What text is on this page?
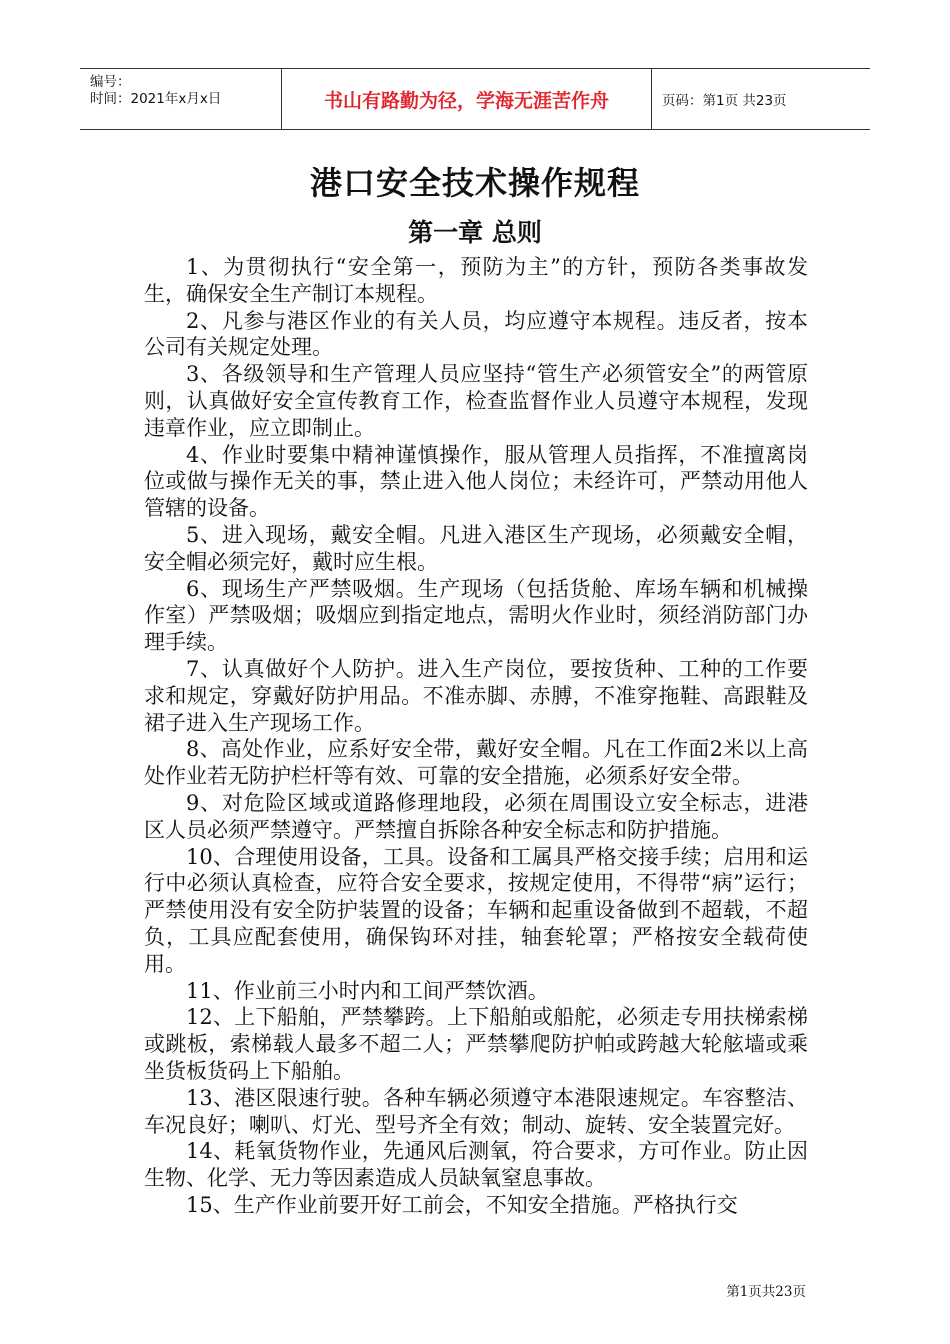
编号：
时间：2021年x月x日	书山有路勤为径，学海无涯苦作舟	页码：第1页 共23页
港口安全技术操作规程
第一章 总则

1、为贯彻执行“安全第一，预防为主”的方针，预防各类事故发生，确保安全生产制订本规程。

2、凡参与港区作业的有关人员，均应遵守本规程。违反者，按本公司有关规定处理。

3、各级领导和生产管理人员应坚持“管生产必须管安全”的两管原则，认真做好安全宣传教育工作，检查监督作业人员遵守本规程，发现违章作业，应立即制止。

4、作业时要集中精神谨慎操作，服从管理人员指挥，不准擅离岗位或做与操作无关的事，禁止进入他人岗位；未经许可，严禁动用他人管辖的设备。

5、进入现场，戴安全帽。凡进入港区生产现场，必须戴安全帽，安全帽必须完好，戴时应生根。

6、现场生产严禁吸烟。生产现场（包括货舱、库场车辆和机械操作室）严禁吸烟；吸烟应到指定地点，需明火作业时，须经消防部门办理手续。

7、认真做好个人防护。进入生产岗位，要按货种、工种的工作要求和规定，穿戴好防护用品。不准赤脚、赤膊，不准穿拖鞋、高跟鞋及裙子进入生产现场工作。

8、高处作业，应系好安全带，戴好安全帽。凡在工作面2米以上高处作业若无防护栏杆等有效、可靠的安全措施，必须系好安全带。

9、对危险区域或道路修理地段，必须在周围设立安全标志，进港区人员必须严禁遵守。严禁擅自拆除各种安全标志和防护措施。

10、合理使用设备，工具。设备和工属具严格交接手续；启用和运行中必须认真检查，应符合安全要求，按规定使用，不得带“病”运行；严禁使用没有安全防护装置的设备；车辆和起重设备做到不超载，不超负，工具应配套使用，确保钩环对挂，轴套轮罩；严格按安全载荷使用。

11、作业前三小时内和工间严禁饮酒。

12、上下船舶，严禁攀跨。上下船舶或船舵，必须走专用扶梯索梯或跳板，索梯载人最多不超二人；严禁攀爬防护帕或跨越大轮舷墙或乘坐货板货码上下船舶。

13、港区限速行驶。各种车辆必须遵守本港限速规定。车容整洁、车况良好；喇叭、灯光、型号齐全有效；制动、旋转、安全装置完好。

14、耗氧货物作业，先通风后测氧，符合要求，方可作业。防止因生物、化学、无力等因素造成人员缺氧窒息事故。

15、生产作业前要开好工前会，不知安全措施。严格执行交

第1页共23页
